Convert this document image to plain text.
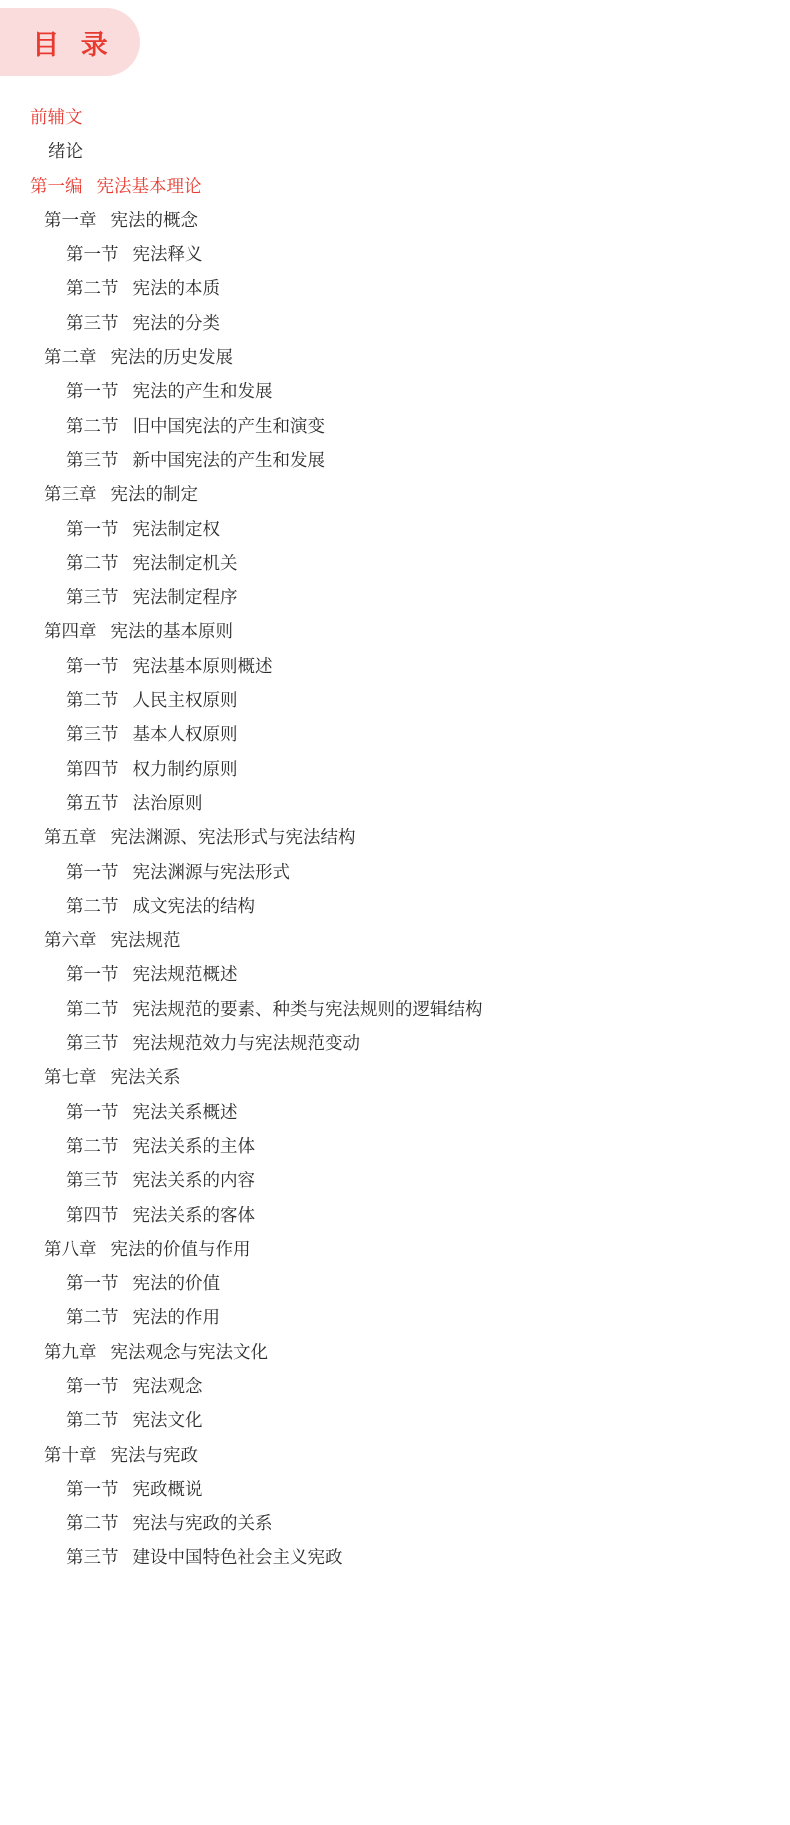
目 录
前辅文
绪论
第一编 宪法基本理论
第一章 宪法的概念
第一节 宪法释义
第二节 宪法的本质
第三节 宪法的分类
第二章 宪法的历史发展
第一节 宪法的产生和发展
第二节 旧中国宪法的产生和演变
第三节 新中国宪法的产生和发展
第三章 宪法的制定
第一节 宪法制定权
第二节 宪法制定机关
第三节 宪法制定程序
第四章 宪法的基本原则
第一节 宪法基本原则概述
第二节 人民主权原则
第三节 基本人权原则
第四节 权力制约原则
第五节 法治原则
第五章 宪法渊源、宪法形式与宪法结构
第一节 宪法渊源与宪法形式
第二节 成文宪法的结构
第六章 宪法规范
第一节 宪法规范概述
第二节 宪法规范的要素、种类与宪法规则的逻辑结构
第三节 宪法规范效力与宪法规范变动
第七章 宪法关系
第一节 宪法关系概述
第二节 宪法关系的主体
第三节 宪法关系的内容
第四节 宪法关系的客体
第八章 宪法的价值与作用
第一节 宪法的价值
第二节 宪法的作用
第九章 宪法观念与宪法文化
第一节 宪法观念
第二节 宪法文化
第十章 宪法与宪政
第一节 宪政概说
第二节 宪法与宪政的关系
第三节 建设中国特色社会主义宪政
